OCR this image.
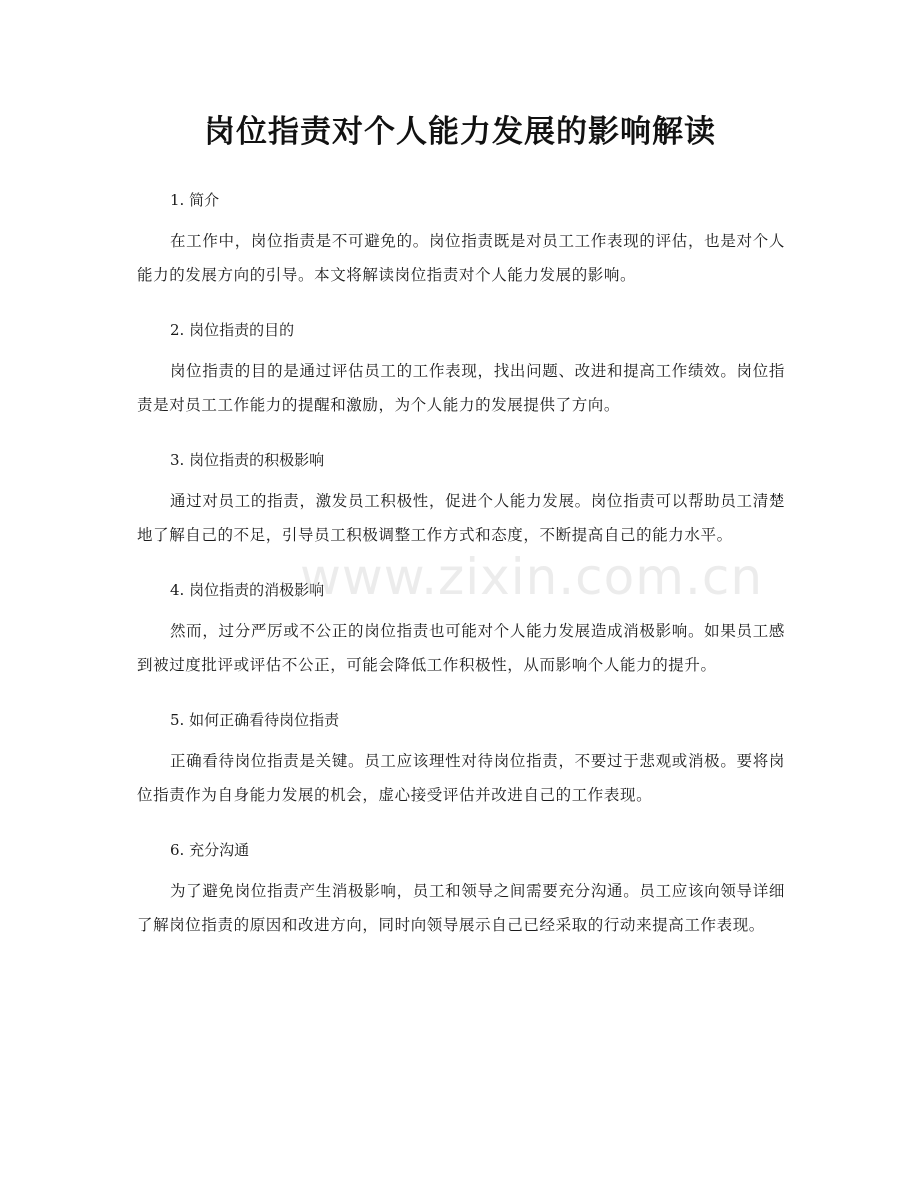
岗位指责对个人能力发展的影响解读

1. 简介

在工作中，岗位指责是不可避免的。岗位指责既是对员工工作表现的评估，也是对个人能力的发展方向的引导。本文将解读岗位指责对个人能力发展的影响。

2. 岗位指责的目的

岗位指责的目的是通过评估员工的工作表现，找出问题、改进和提高工作绩效。岗位指责是对员工工作能力的提醒和激励，为个人能力的发展提供了方向。

3. 岗位指责的积极影响

通过对员工的指责，激发员工积极性，促进个人能力发展。岗位指责可以帮助员工清楚地了解自己的不足，引导员工积极调整工作方式和态度，不断提高自己的能力水平。

4. 岗位指责的消极影响

然而，过分严厉或不公正的岗位指责也可能对个人能力发展造成消极影响。如果员工感到被过度批评或评估不公正，可能会降低工作积极性，从而影响个人能力的提升。

5. 如何正确看待岗位指责

正确看待岗位指责是关键。员工应该理性对待岗位指责，不要过于悲观或消极。要将岗位指责作为自身能力发展的机会，虚心接受评估并改进自己的工作表现。

6. 充分沟通

为了避免岗位指责产生消极影响，员工和领导之间需要充分沟通。员工应该向领导详细了解岗位指责的原因和改进方向，同时向领导展示自己已经采取的行动来提高工作表现。

www.zixin.com.cn
